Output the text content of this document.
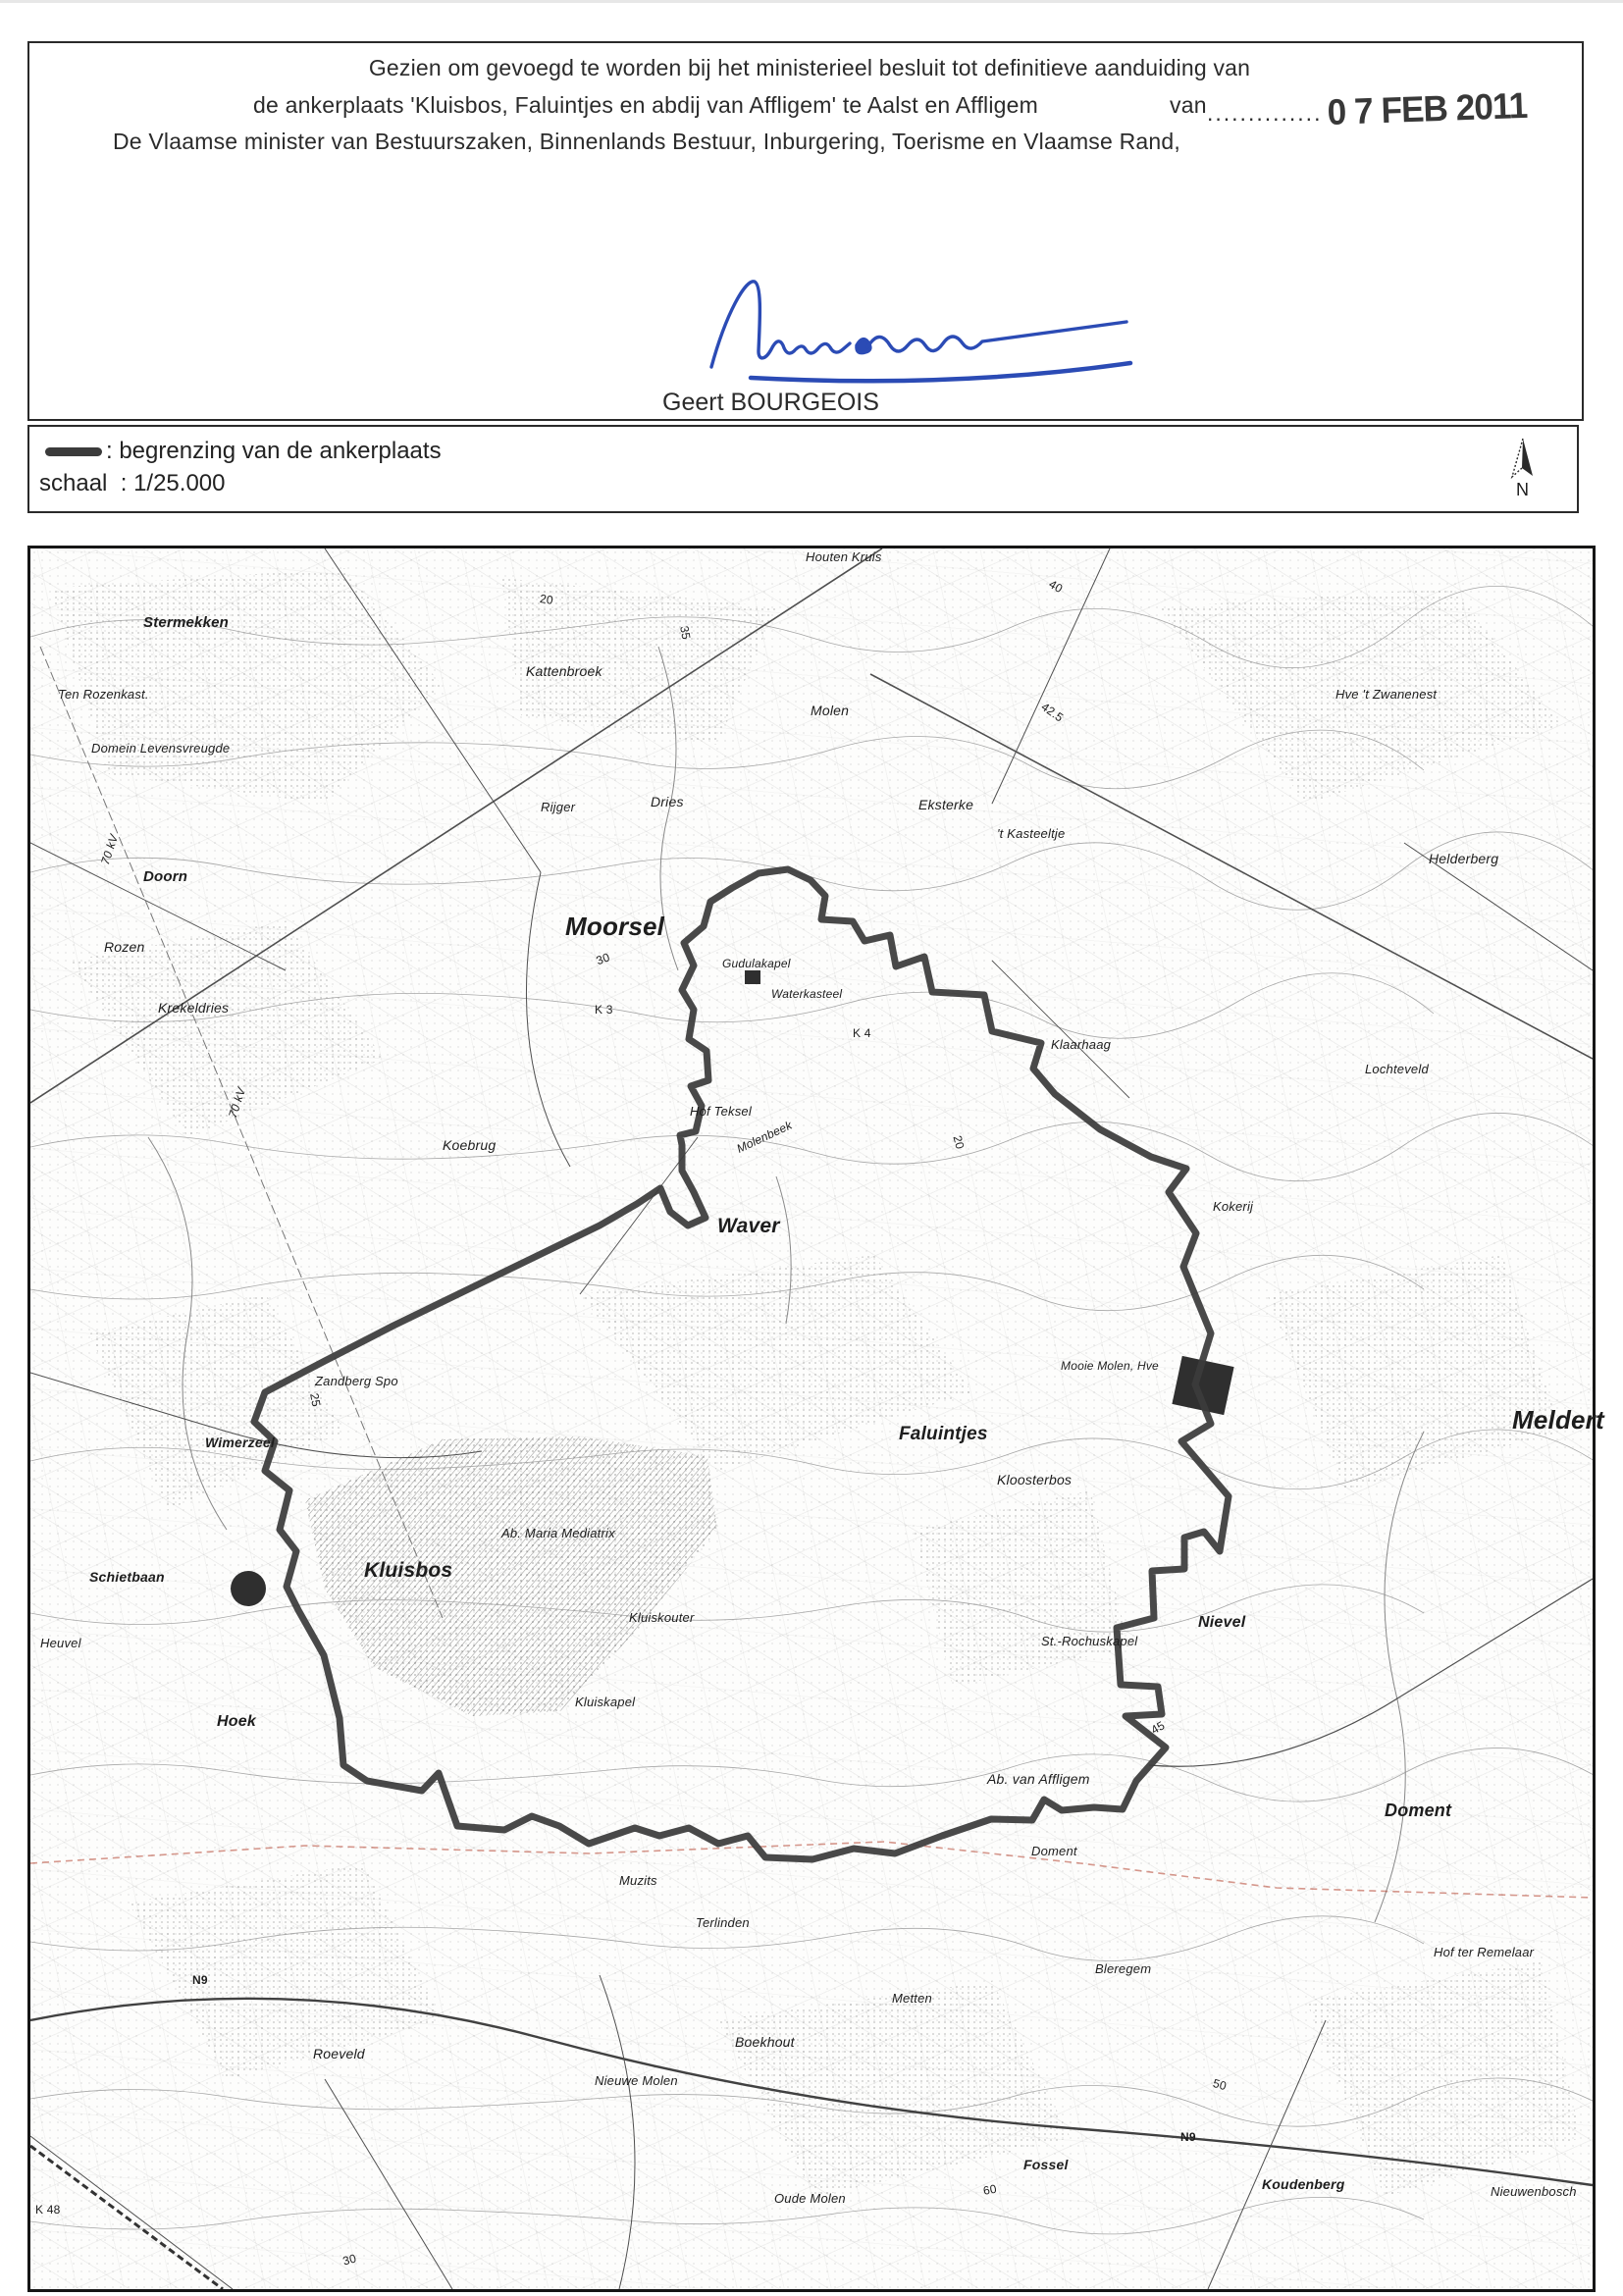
Gezien om gevoegd te worden bij het ministerieel besluit tot definitieve aanduiding van
de ankerplaats 'Kluisbos, Faluintjes en abdij van Affligem' te Aalst en Affligem	van .............. 0 7 FEB 2011
De Vlaamse minister van Bestuurszaken, Binnenlands Bestuur, Inburgering, Toerisme en Vlaamse Rand,
Geert BOURGEOIS
: begrenzing van de ankerplaats
schaal : 1/25.000	N
Houten Kruis
Stermekken
Kattenbroek
Molen
Hve 't Zwanenest
Ten Rozenkast.
Domein Levensvreugde
Dries
Rijger	Eksterke
't Kasteeltje
Helderberg
Doorn
Moorsel
Rozen
Gudulakapel
Waterkasteel
K 3
K 4
Krekeldries
Klaarhaag
Lochteveld
Koebrug
Hof Teksel
Molenbeek
Waver
Kokerij
Mooie Molen, Hve
Meldert
Zandberg Spo
Wimerzeel	Faluintjes
Kloosterbos
Ab. Maria Mediatrix
Kluisbos
Schietbaan
Kluiskouter	Nievel
St.-Rochuskapel
Heuvel
Kluiskapel
Hoek
Ab. van Affligem
Doment
Doment
Muzits
Terlinden
Bleregem
Hof ter Remelaar
Metten
Roeveld
Boekhout
Nieuwe Molen
Oude Molen
Fossel
Koudenberg	Nieuwenbosch
N9
N9
K 48
70 kV
70 kV
20
30
35
40
42.5
25
45
50
60
30
20
